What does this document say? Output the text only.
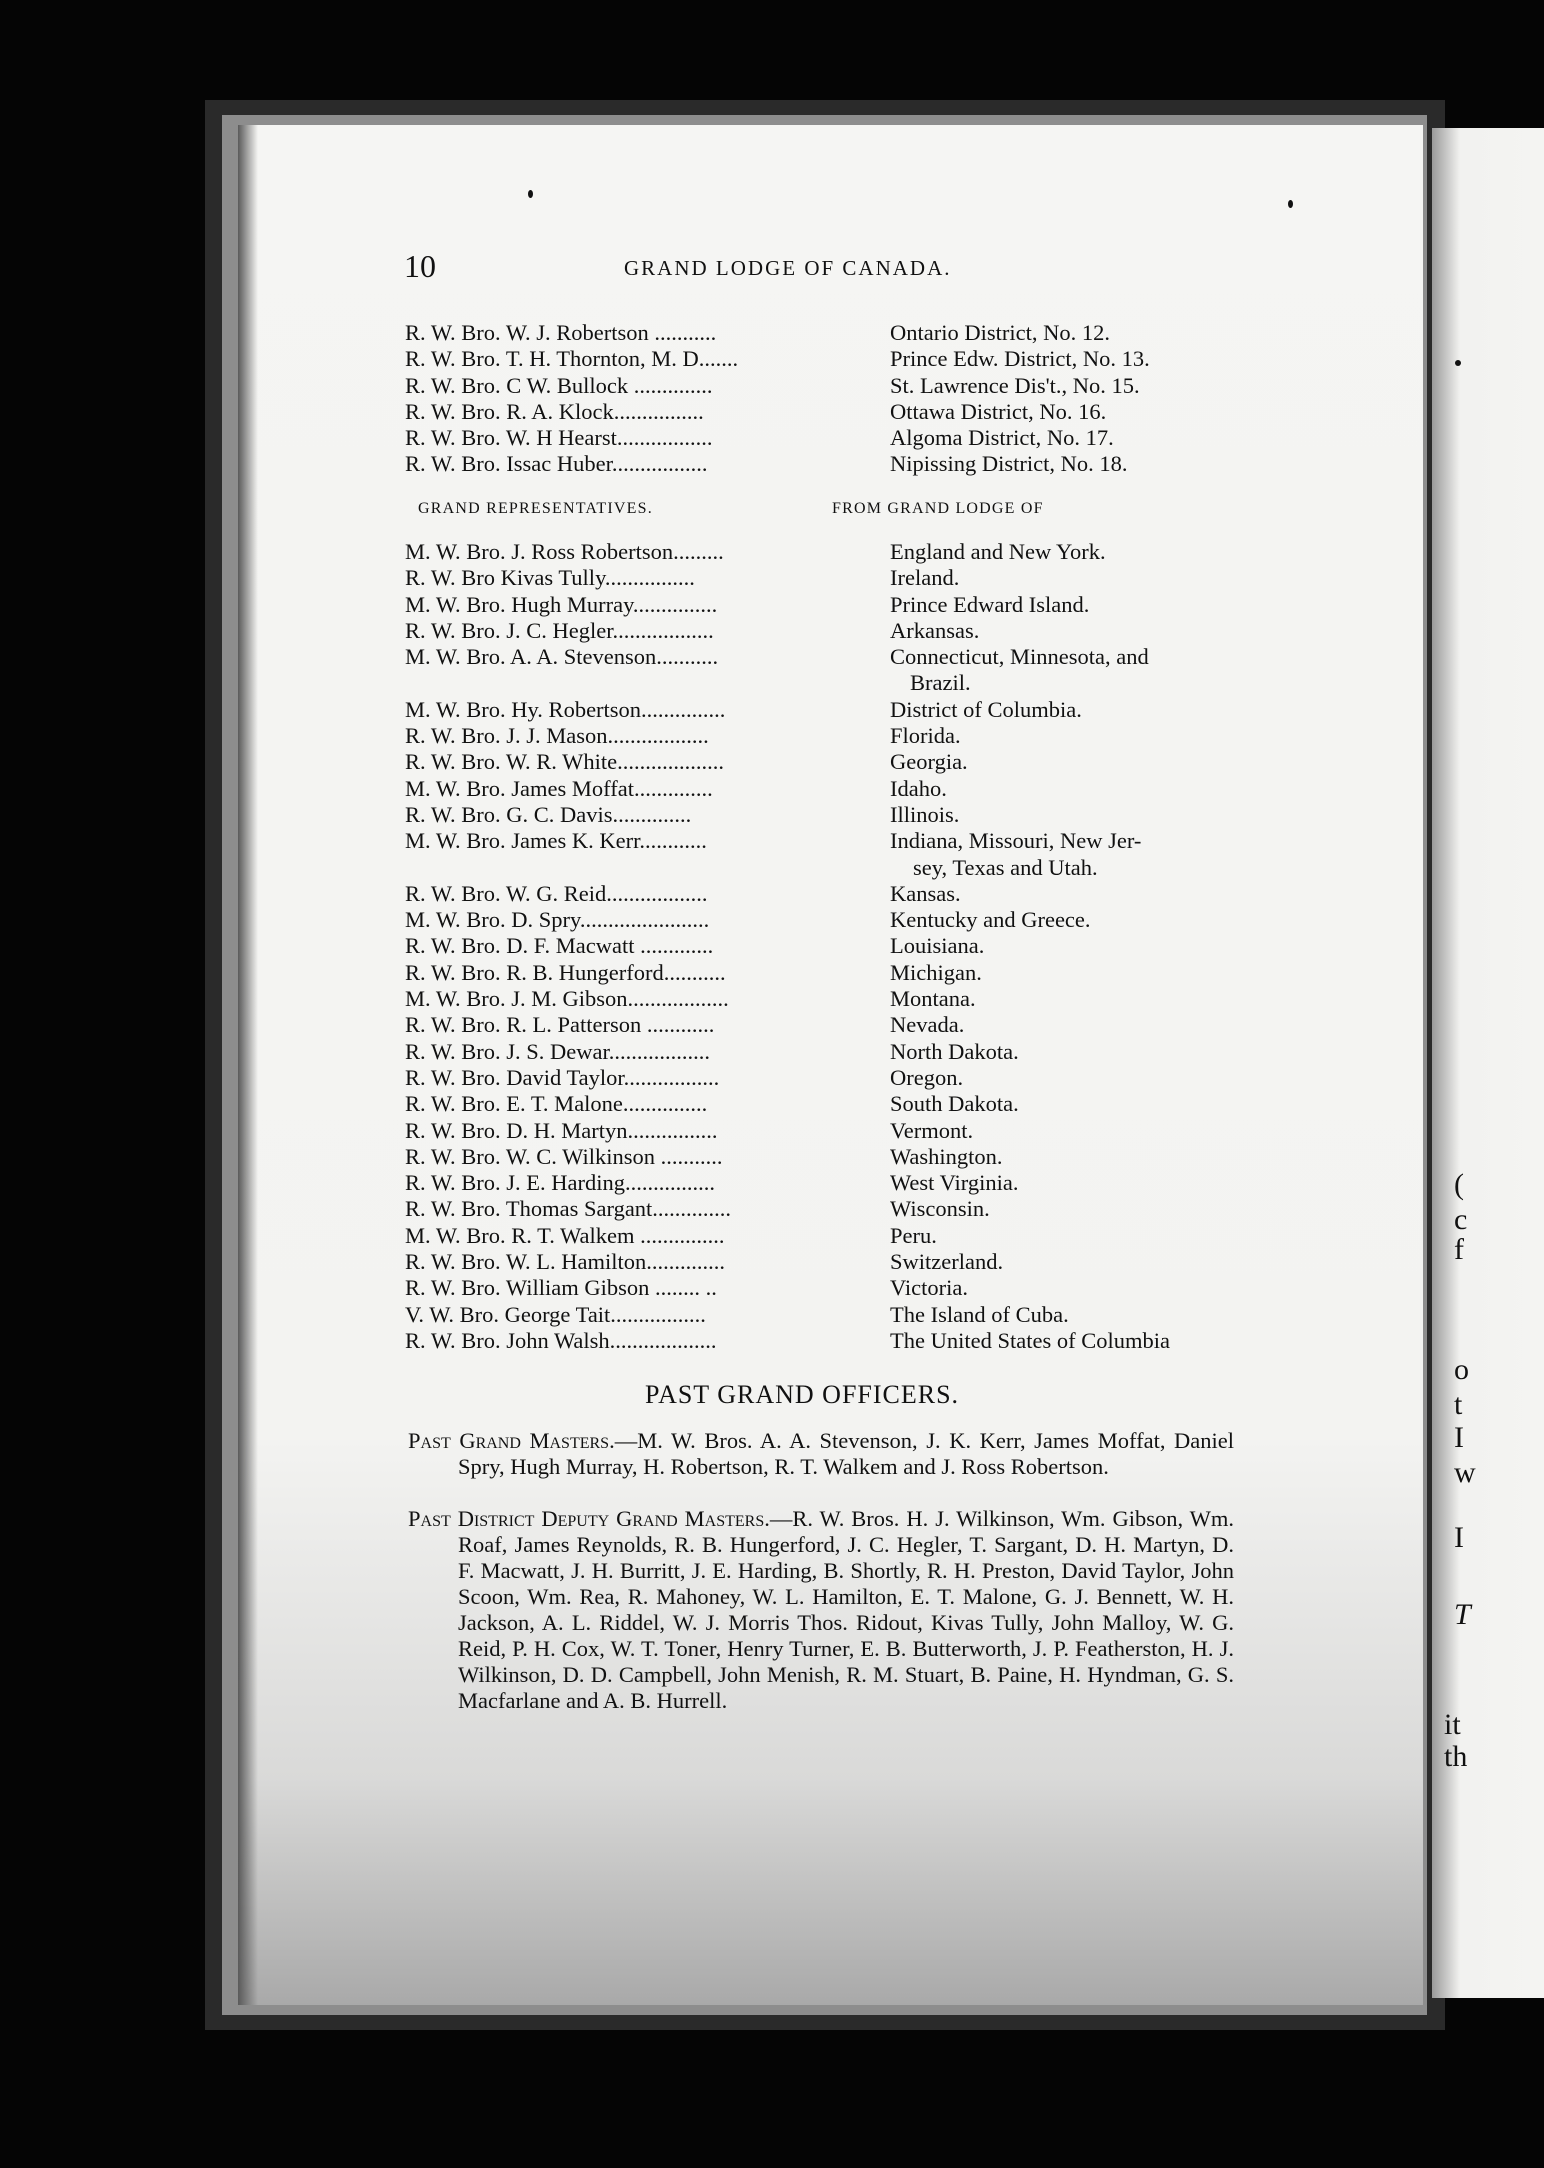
(
c
f
o
t
I
w
I
T
it
th
10	GRAND LODGE OF CANADA.
R. W. Bro. W. J. Robertson ...........	Ontario District, No. 12.
R. W. Bro. T. H. Thornton, M. D.......	Prince Edw. District, No. 13.
R. W. Bro. C W. Bullock ..............	St. Lawrence Dis't., No. 15.
R. W. Bro. R. A. Klock................	Ottawa District, No. 16.
R. W. Bro. W. H Hearst.................	Algoma District, No. 17.
R. W. Bro. Issac Huber.................	Nipissing District, No. 18.
GRAND REPRESENTATIVES.	FROM GRAND LODGE OF
M. W. Bro. J. Ross Robertson.........	England and New York.
R. W. Bro Kivas Tully................	Ireland.
M. W. Bro. Hugh Murray...............	Prince Edward Island.
R. W. Bro. J. C. Hegler..................	Arkansas.
M. W. Bro. A. A. Stevenson...........	Connecticut, Minnesota, and
Brazil.
M. W. Bro. Hy. Robertson...............	District of Columbia.
R. W. Bro. J. J. Mason..................	Florida.
R. W. Bro. W. R. White...................	Georgia.
M. W. Bro. James Moffat..............	Idaho.
R. W. Bro. G. C. Davis..............	Illinois.
M. W. Bro. James K. Kerr............	Indiana, Missouri, New Jer-
sey, Texas and Utah.
R. W. Bro. W. G. Reid..................	Kansas.
M. W. Bro. D. Spry.......................	Kentucky and Greece.
R. W. Bro. D. F. Macwatt .............	Louisiana.
R. W. Bro. R. B. Hungerford...........	Michigan.
M. W. Bro. J. M. Gibson..................	Montana.
R. W. Bro. R. L. Patterson ............	Nevada.
R. W. Bro. J. S. Dewar..................	North Dakota.
R. W. Bro. David Taylor.................	Oregon.
R. W. Bro. E. T. Malone...............	South Dakota.
R. W. Bro. D. H. Martyn................	Vermont.
R. W. Bro. W. C. Wilkinson ...........	Washington.
R. W. Bro. J. E. Harding................	West Virginia.
R. W. Bro. Thomas Sargant..............	Wisconsin.
M. W. Bro. R. T. Walkem ...............	Peru.
R. W. Bro. W. L. Hamilton..............	Switzerland.
R. W. Bro. William Gibson ........ ..	Victoria.
V. W. Bro. George Tait.................	The Island of Cuba.
R. W. Bro. John Walsh...................	The United States of Columbia
PAST GRAND OFFICERS.
Past Grand Masters.—M. W. Bros. A. A. Stevenson, J. K. Kerr, James Moffat, Daniel Spry, Hugh Murray, H. Robertson, R. T. Walkem and J. Ross Robertson.
Past District Deputy Grand Masters.—R. W. Bros. H. J. Wilkinson, Wm. Gibson, Wm. Roaf, James Reynolds, R. B. Hungerford, J. C. Hegler, T. Sargant, D. H. Martyn, D. F. Macwatt, J. H. Burritt, J. E. Harding, B. Shortly, R. H. Preston, David Taylor, John Scoon, Wm. Rea, R. Mahoney, W. L. Hamilton, E. T. Malone, G. J. Bennett, W. H. Jackson, A. L. Riddel, W. J. Morris Thos. Ridout, Kivas Tully, John Malloy, W. G. Reid, P. H. Cox, W. T. Toner, Henry Turner, E. B. Butterworth, J. P. Featherston, H. J. Wilkinson, D. D. Campbell, John Menish, R. M. Stuart, B. Paine, H. Hyndman, G. S. Macfarlane and A. B. Hurrell.
